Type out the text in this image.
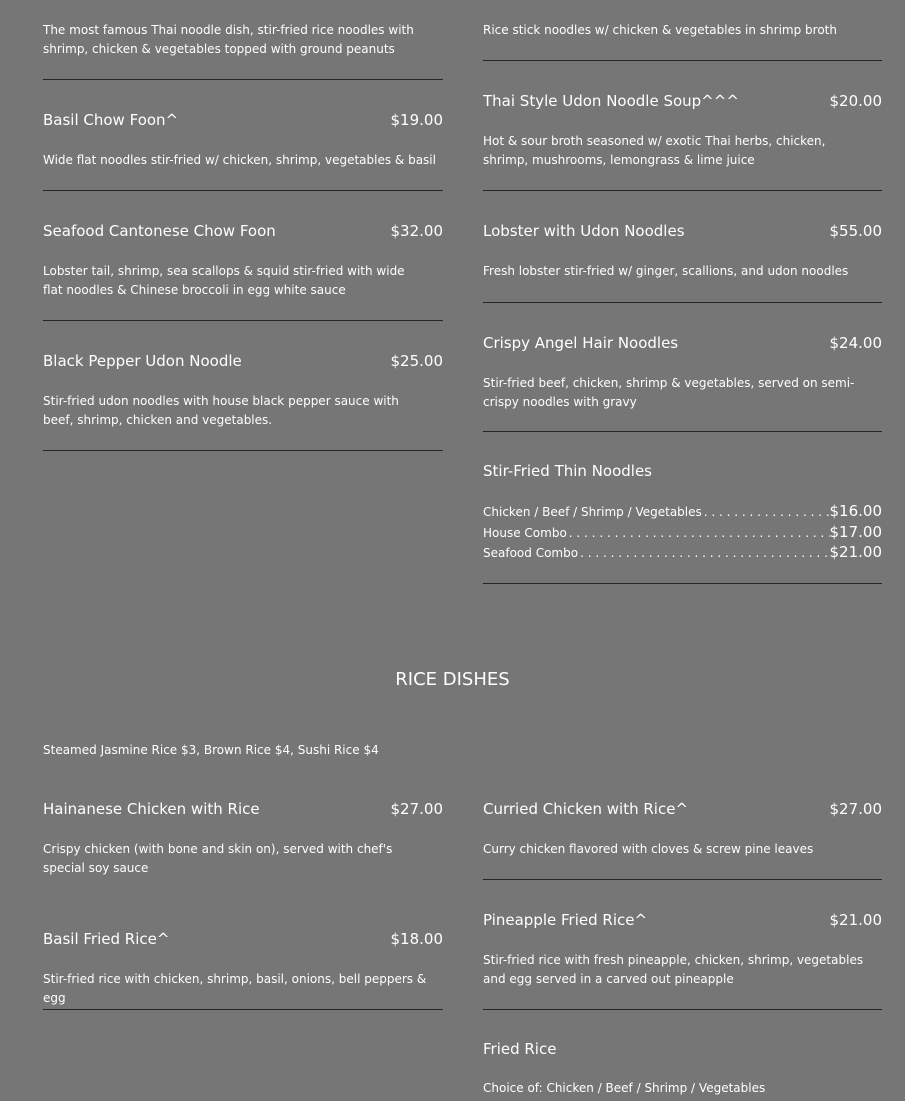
The most famous Thai noodle dish, stir-fried rice noodles with shrimp, chicken & vegetables topped with ground peanuts
Basil Chow Foon^	$19.00
Wide flat noodles stir-fried w/ chicken, shrimp, vegetables & basil
Seafood Cantonese Chow Foon	$32.00
Lobster tail, shrimp, sea scallops & squid stir-fried with wide flat noodles & Chinese broccoli in egg white sauce
Black Pepper Udon Noodle	$25.00
Stir-fried udon noodles with house black pepper sauce with beef, shrimp, chicken and vegetables.
Rice stick noodles w/ chicken & vegetables in shrimp broth
Thai Style Udon Noodle Soup^^^	$20.00
Hot & sour broth seasoned w/ exotic Thai herbs, chicken, shrimp, mushrooms, lemongrass & lime juice
Lobster with Udon Noodles	$55.00
Fresh lobster stir-fried w/ ginger, scallions, and udon noodles
Crispy Angel Hair Noodles	$24.00
Stir-fried beef, chicken, shrimp & vegetables, served on semi-crispy noodles with gravy
Stir-Fried Thin Noodles
Chicken / Beef / Shrimp / Vegetables . . .	$16.00
House Combo . . .	$17.00
Seafood Combo . . .	$21.00
RICE DISHES
Steamed Jasmine Rice $3, Brown Rice $4, Sushi Rice $4
Hainanese Chicken with Rice	$27.00
Crispy chicken (with bone and skin on), served with chef's special soy sauce
Basil Fried Rice^	$18.00
Stir-fried rice with chicken, shrimp, basil, onions, bell peppers & egg
Curried Chicken with Rice^	$27.00
Curry chicken flavored with cloves & screw pine leaves
Pineapple Fried Rice^	$21.00
Stir-fried rice with fresh pineapple, chicken, shrimp, vegetables and egg served in a carved out pineapple
Fried Rice
Choice of: Chicken / Beef / Shrimp / Vegetables
